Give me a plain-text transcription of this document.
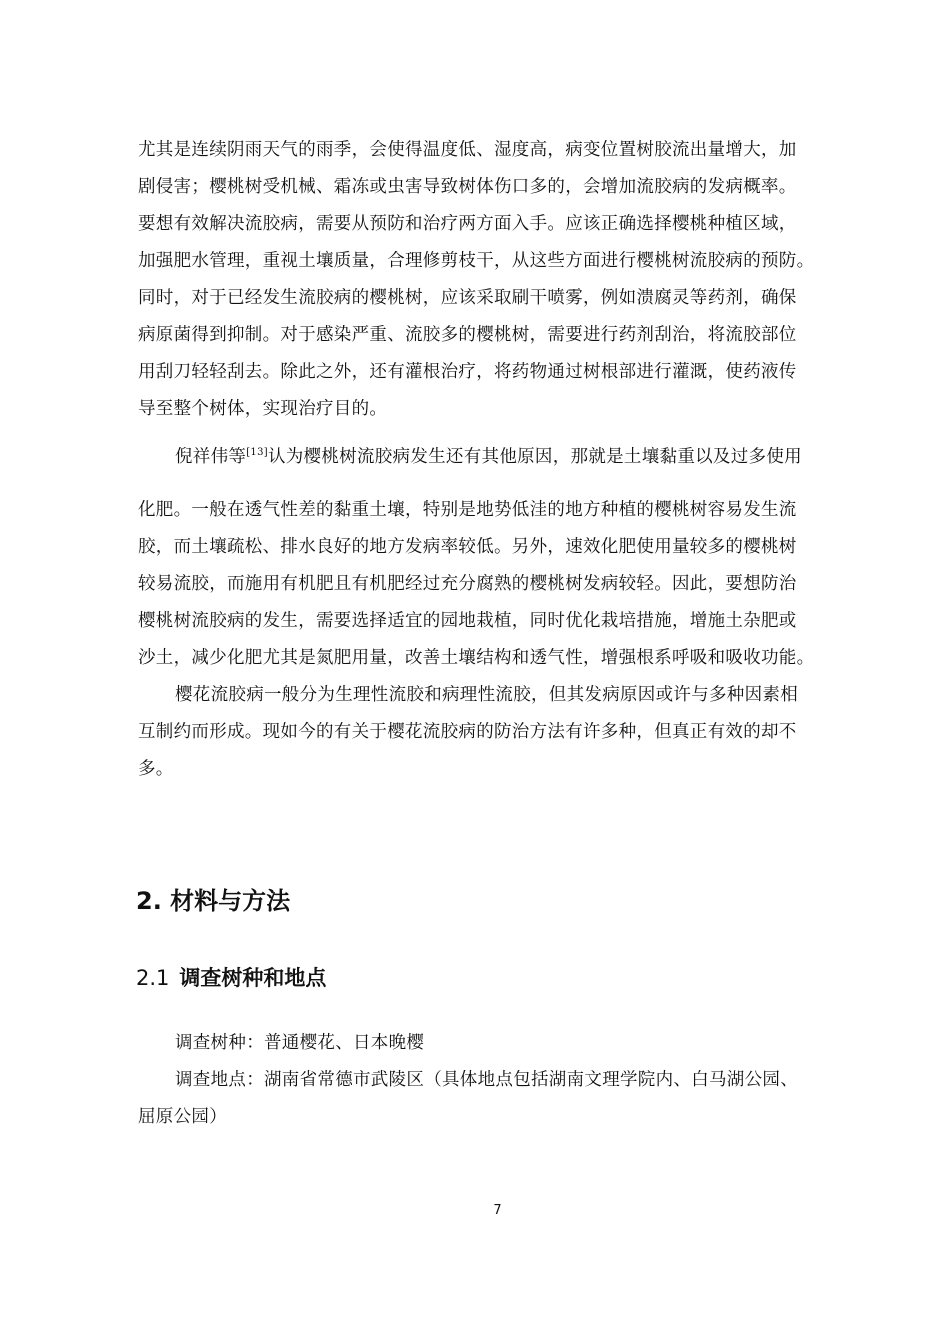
尤其是连续阴雨天气的雨季，会使得温度低、湿度高，病变位置树胶流出量增大，加
剧侵害；樱桃树受机械、霜冻或虫害导致树体伤口多的，会增加流胶病的发病概率。
要想有效解决流胶病，需要从预防和治疗两方面入手。应该正确选择樱桃种植区域，
加强肥水管理，重视土壤质量，合理修剪枝干，从这些方面进行樱桃树流胶病的预防。
同时，对于已经发生流胶病的樱桃树，应该采取刷干喷雾，例如溃腐灵等药剂，确保
病原菌得到抑制。对于感染严重、流胶多的樱桃树，需要进行药剂刮治，将流胶部位
用刮刀轻轻刮去。除此之外，还有灌根治疗，将药物通过树根部进行灌溉，使药液传
导至整个树体，实现治疗目的。
倪祥伟等[13]认为樱桃树流胶病发生还有其他原因，那就是土壤黏重以及过多使用
化肥。一般在透气性差的黏重土壤，特别是地势低洼的地方种植的樱桃树容易发生流
胶，而土壤疏松、排水良好的地方发病率较低。另外，速效化肥使用量较多的樱桃树
较易流胶，而施用有机肥且有机肥经过充分腐熟的樱桃树发病较轻。因此，要想防治
樱桃树流胶病的发生，需要选择适宜的园地栽植，同时优化栽培措施，增施土杂肥或
沙土，减少化肥尤其是氮肥用量，改善土壤结构和透气性，增强根系呼吸和吸收功能。
樱花流胶病一般分为生理性流胶和病理性流胶，但其发病原因或许与多种因素相
互制约而形成。现如今的有关于樱花流胶病的防治方法有许多种，但真正有效的却不
多。
2. 材料与方法
2.1 调查树种和地点
调查树种：普通樱花、日本晚樱
调查地点：湖南省常德市武陵区（具体地点包括湖南文理学院内、白马湖公园、
屈原公园）
7
